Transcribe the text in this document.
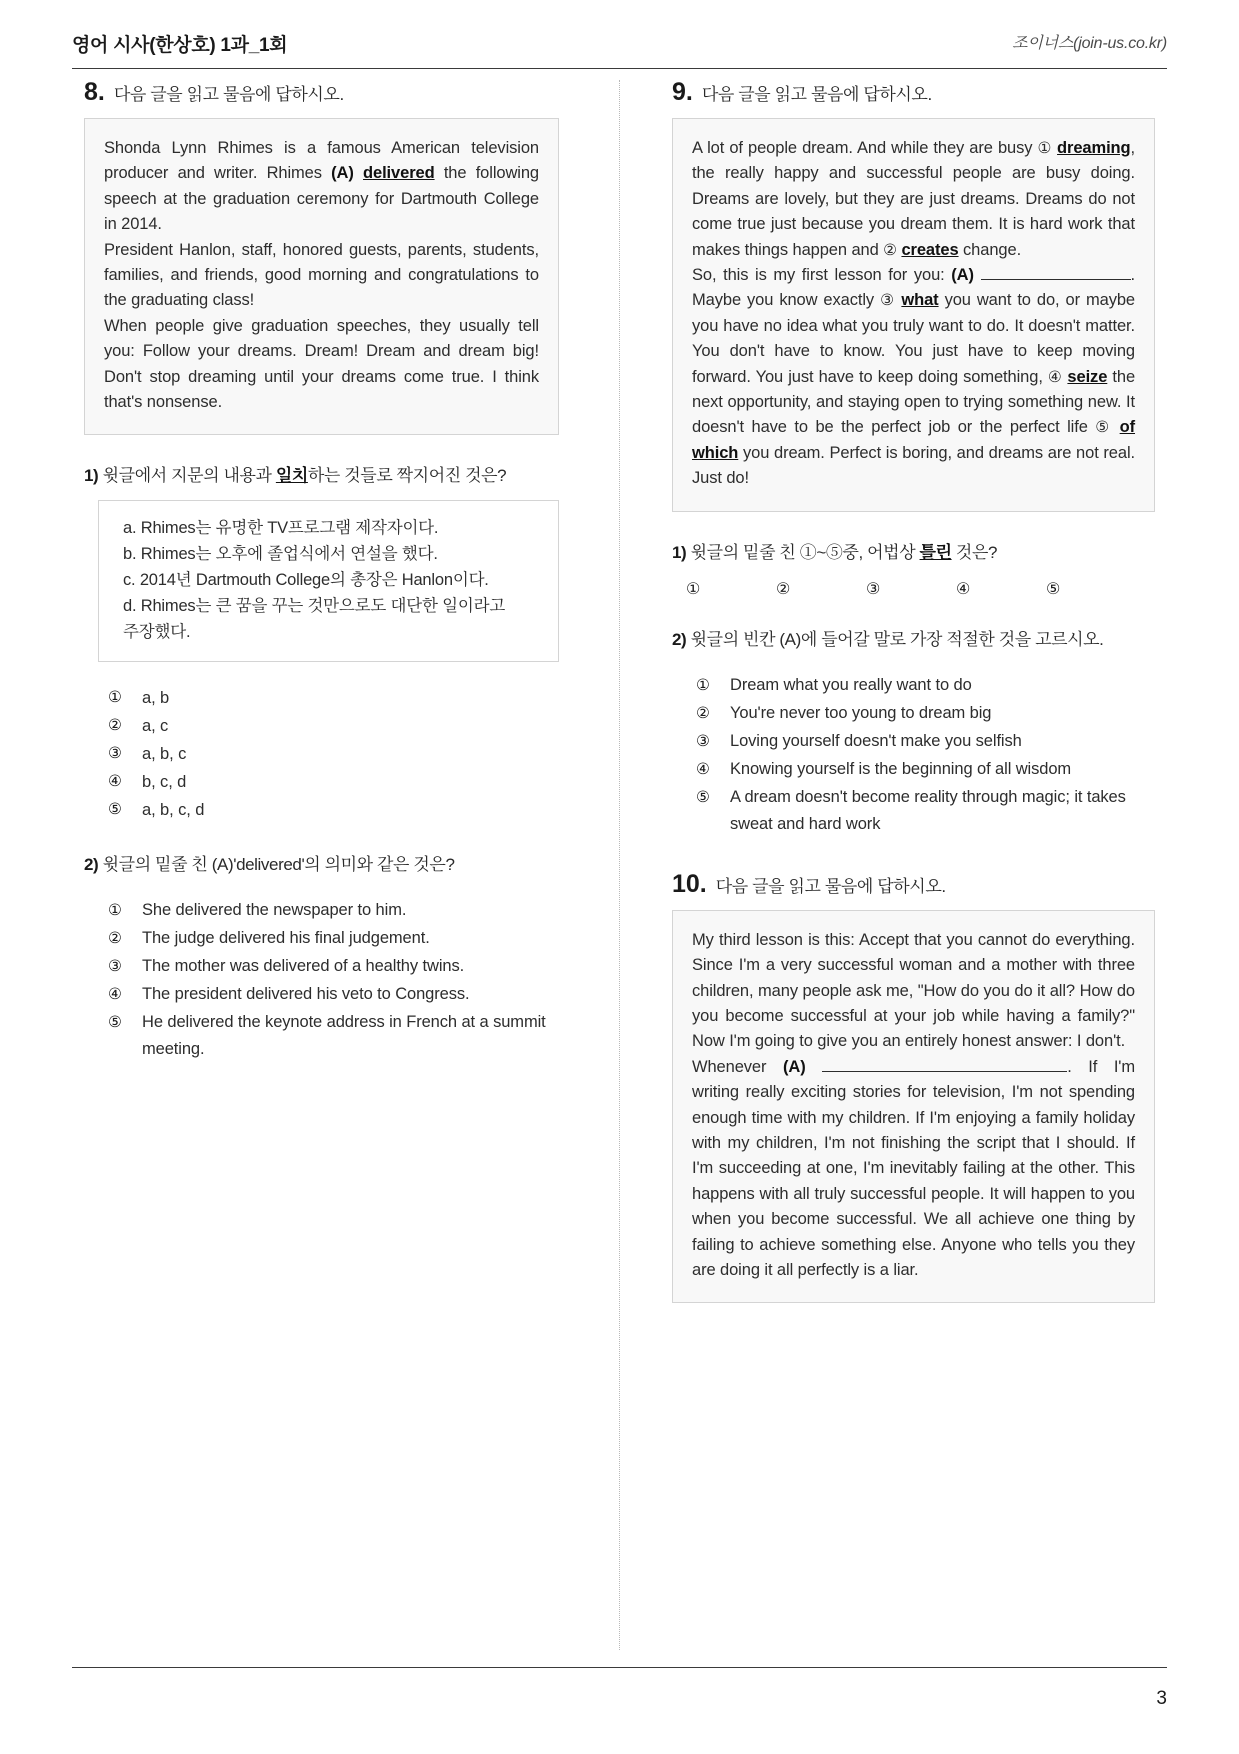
영어 시사(한상호) 1과_1회	조이너스(join-us.co.kr)
8. 다음 글을 읽고 물음에 답하시오.

Shonda Lynn Rhimes is a famous American television producer and writer. Rhimes (A) delivered the following speech at the graduation ceremony for Dartmouth College in 2014.

President Hanlon, staff, honored guests, parents, students, families, and friends, good morning and congratulations to the graduating class!

When people give graduation speeches, they usually tell you: Follow your dreams. Dream! Dream and dream big! Don't stop dreaming until your dreams come true. I think that's nonsense.

1) 윗글에서 지문의 내용과 일치하는 것들로 짝지어진 것은?
a. Rhimes는 유명한 TV프로그램 제작자이다.
b. Rhimes는 오후에 졸업식에서 연설을 했다.
c. 2014년 Dartmouth College의 총장은 Hanlon이다.
d. Rhimes는 큰 꿈을 꾸는 것만으로도 대단한 일이라고
주장했다.
①	a, b
②	a, c
③	a, b, c
④	b, c, d
⑤	a, b, c, d
2) 윗글의 밑줄 친 (A)'delivered'의 의미와 같은 것은?
①	She delivered the newspaper to him.
②	The judge delivered his final judgement.
③	The mother was delivered of a healthy twins.
④	The president delivered his veto to Congress.
⑤	He delivered the keynote address in French at a summit meeting.
9. 다음 글을 읽고 물음에 답하시오.

A lot of people dream. And while they are busy ① dreaming, the really happy and successful people are busy doing. Dreams are lovely, but they are just dreams. Dreams do not come true just because you dream them. It is hard work that makes things happen and ② creates change.

So, this is my first lesson for you: (A)	. Maybe you know exactly ③ what you want to do, or maybe you have no idea what you truly want to do. It doesn't matter. You don't have to know. You just have to keep moving forward. You just have to keep doing something, ④ seize the next opportunity, and staying open to trying something new. It doesn't have to be the perfect job or the perfect life ⑤ of which you dream. Perfect is boring, and dreams are not real. Just do!

1) 윗글의 밑줄 친 ①~⑤중, 어법상 틀린 것은?
①	②	③	④	⑤
2) 윗글의 빈칸 (A)에 들어갈 말로 가장 적절한 것을 고르시오.
①	Dream what you really want to do
②	You're never too young to dream big
③	Loving yourself doesn't make you selfish
④	Knowing yourself is the beginning of all wisdom
⑤	A dream doesn't become reality through magic; it takes sweat and hard work
10. 다음 글을 읽고 물음에 답하시오.

My third lesson is this: Accept that you cannot do everything. Since I'm a very successful woman and a mother with three children, many people ask me, "How do you do it all? How do you become successful at your job while having a family?" Now I'm going to give you an entirely honest answer: I don't.

Whenever (A)	. If I'm writing really exciting stories for television, I'm not spending enough time with my children. If I'm enjoying a family holiday with my children, I'm not finishing the script that I should. If I'm succeeding at one, I'm inevitably failing at the other. This happens with all truly successful people. It will happen to you when you become successful. We all achieve one thing by failing to achieve something else. Anyone who tells you they are doing it all perfectly is a liar.

3
